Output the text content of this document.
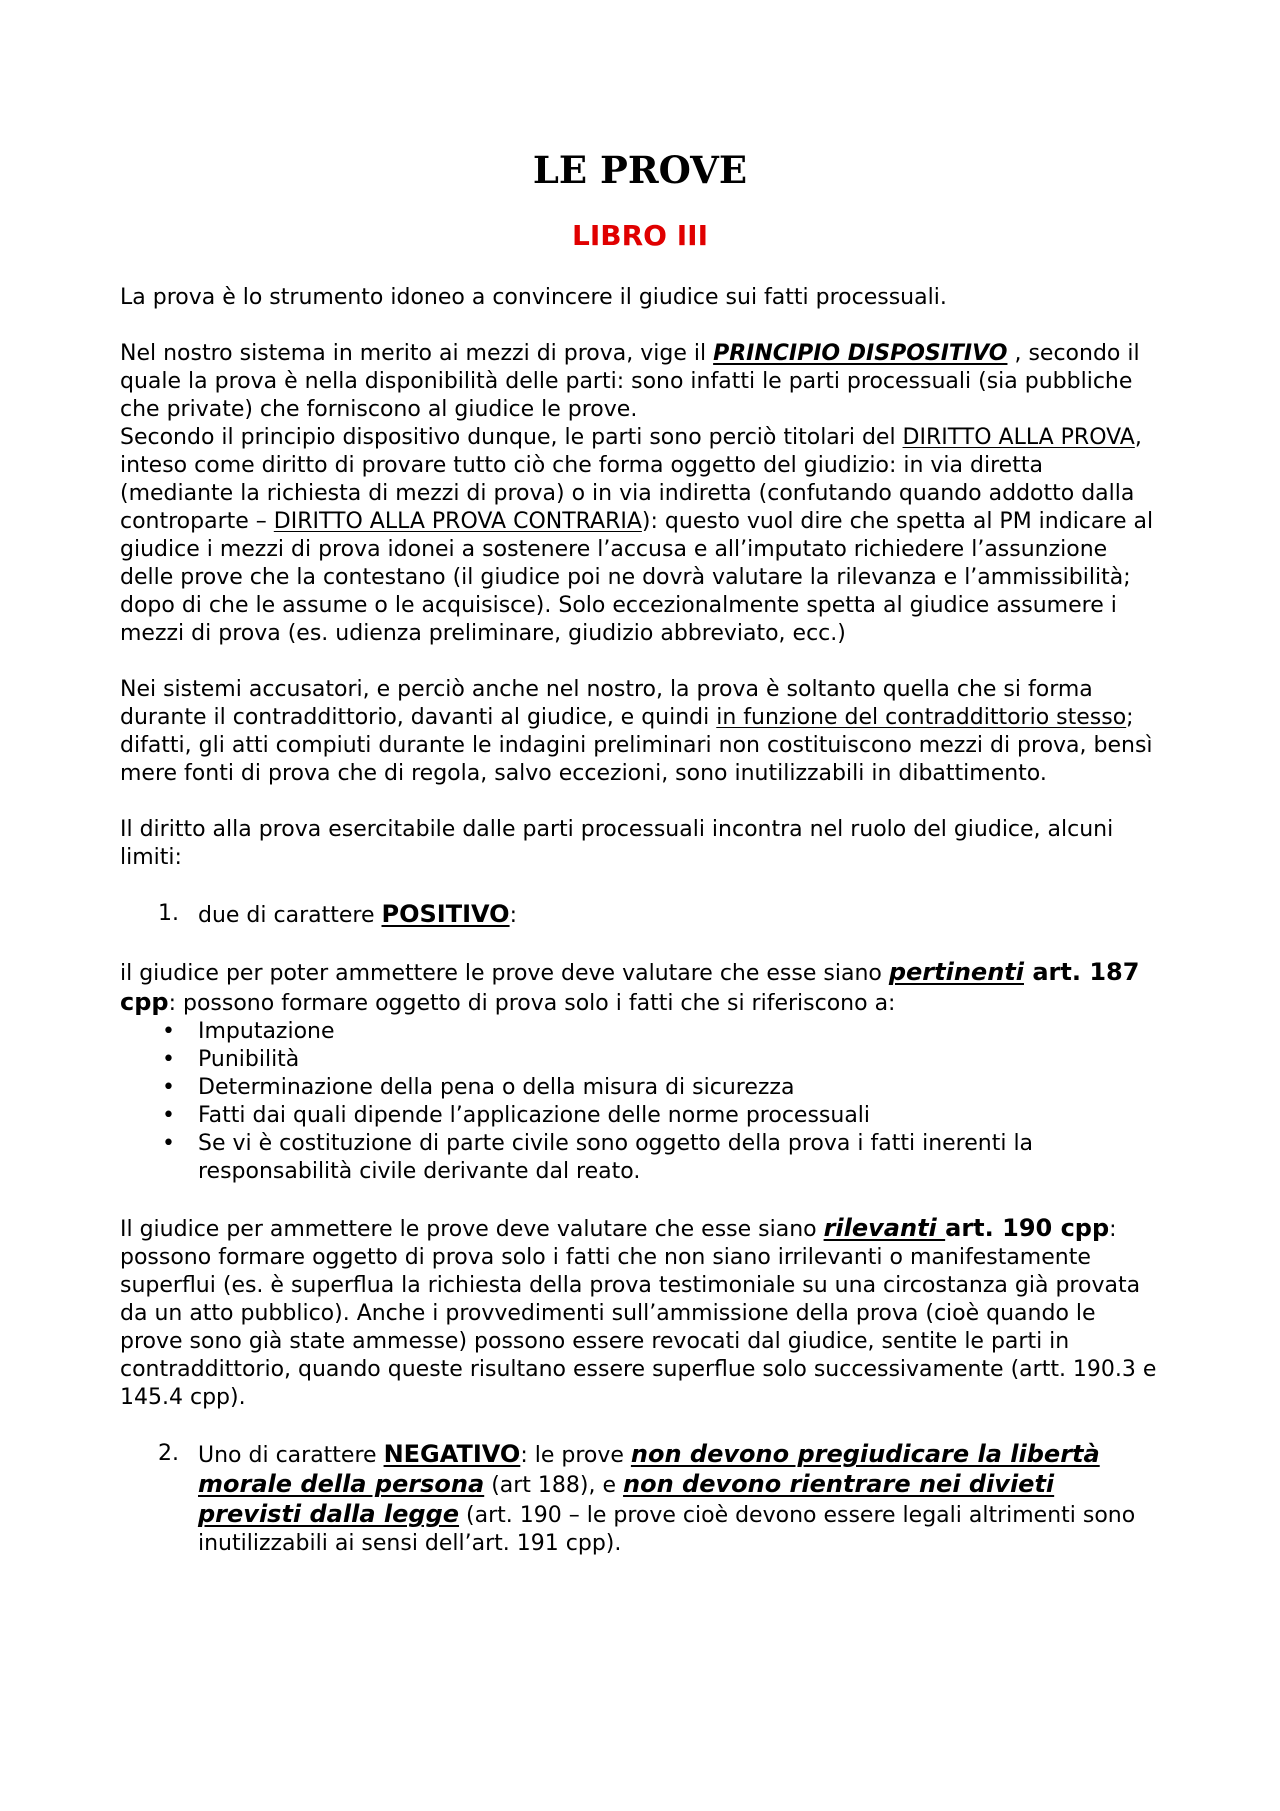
LE PROVE
LIBRO III

La prova è lo strumento idoneo a convincere il giudice sui fatti processuali.

Nel nostro sistema in merito ai mezzi di prova, vige il PRINCIPIO DISPOSITIVO , secondo il quale la prova è nella disponibilità delle parti: sono infatti le parti processuali (sia pubbliche che private) che forniscono al giudice le prove.
Secondo il principio dispositivo dunque, le parti sono perciò titolari del DIRITTO ALLA PROVA, inteso come diritto di provare tutto ciò che forma oggetto del giudizio: in via diretta (mediante la richiesta di mezzi di prova) o in via indiretta (confutando quando addotto dalla controparte – DIRITTO ALLA PROVA CONTRARIA): questo vuol dire che spetta al PM indicare al giudice i mezzi di prova idonei a sostenere l’accusa e all’imputato richiedere l’assunzione delle prove che la contestano (il giudice poi ne dovrà valutare la rilevanza e l’ammissibilità; dopo di che le assume o le acquisisce). Solo eccezionalmente spetta al giudice assumere i mezzi di prova (es. udienza preliminare, giudizio abbreviato, ecc.)

Nei sistemi accusatori, e perciò anche nel nostro, la prova è soltanto quella che si forma durante il contraddittorio, davanti al giudice, e quindi in funzione del contraddittorio stesso; difatti, gli atti compiuti durante le indagini preliminari non costituiscono mezzi di prova, bensì mere fonti di prova che di regola, salvo eccezioni, sono inutilizzabili in dibattimento.

Il diritto alla prova esercitabile dalle parti processuali incontra nel ruolo del giudice, alcuni limiti:

1. due di carattere POSITIVO:

il giudice per poter ammettere le prove deve valutare che esse siano pertinenti art. 187 cpp: possono formare oggetto di prova solo i fatti che si riferiscono a:

• Imputazione
• Punibilità
• Determinazione della pena o della misura di sicurezza
• Fatti dai quali dipende l’applicazione delle norme processuali
• Se vi è costituzione di parte civile sono oggetto della prova i fatti inerenti la responsabilità civile derivante dal reato.

Il giudice per ammettere le prove deve valutare che esse siano rilevanti art. 190 cpp: possono formare oggetto di prova solo i fatti che non siano irrilevanti o manifestamente superflui (es. è superflua la richiesta della prova testimoniale su una circostanza già provata da un atto pubblico). Anche i provvedimenti sull’ammissione della prova (cioè quando le prove sono già state ammesse) possono essere revocati dal giudice, sentite le parti in contraddittorio, quando queste risultano essere superflue solo successivamente (artt. 190.3 e 145.4 cpp).

2. Uno di carattere NEGATIVO: le prove non devono pregiudicare la libertà morale della persona (art 188), e non devono rientrare nei divieti previsti dalla legge (art. 190 – le prove cioè devono essere legali altrimenti sono inutilizzabili ai sensi dell’art. 191 cpp).
